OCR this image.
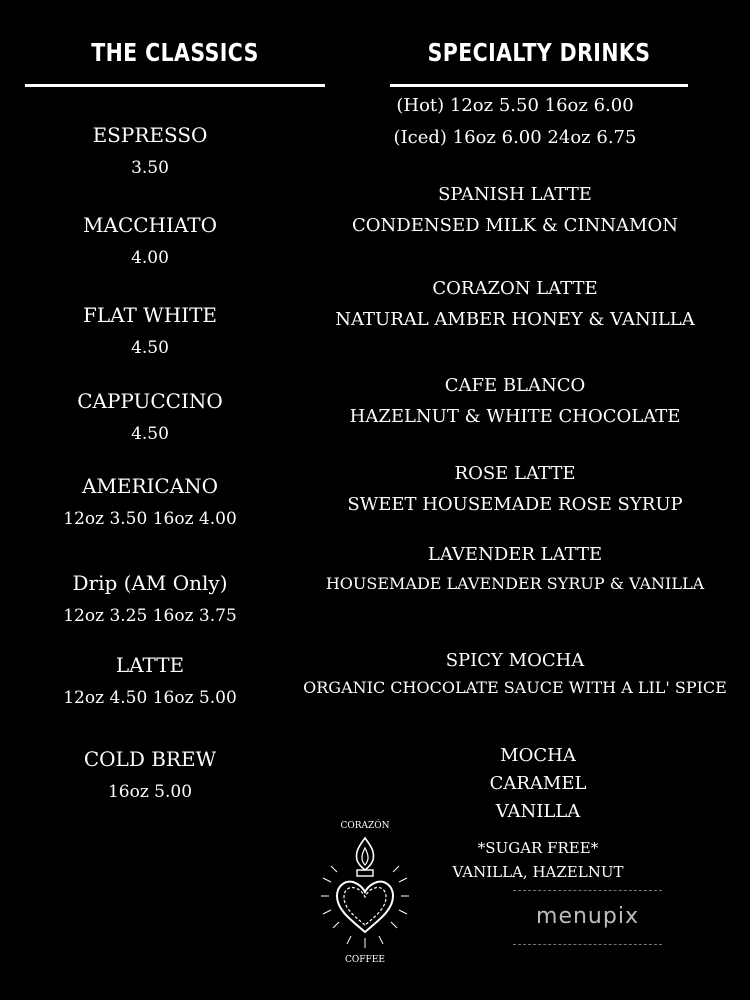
THE CLASSICS	SPECIALTY DRINKS
ESPRESSO
3.50
MACCHIATO
4.00
FLAT WHITE
4.50
CAPPUCCINO
4.50
AMERICANO
12oz 3.50 16oz 4.00
Drip (AM Only)
12oz 3.25 16oz 3.75
LATTE
12oz 4.50 16oz 5.00
COLD BREW
16oz 5.00
(Hot) 12oz 5.50 16oz 6.00
(Iced) 16oz 6.00 24oz 6.75
SPANISH LATTE
CONDENSED MILK & CINNAMON
CORAZON LATTE
NATURAL AMBER HONEY & VANILLA
CAFE BLANCO
HAZELNUT & WHITE CHOCOLATE
ROSE LATTE
SWEET HOUSEMADE ROSE SYRUP
LAVENDER LATTE
HOUSEMADE LAVENDER SYRUP & VANILLA
SPICY MOCHA
ORGANIC CHOCOLATE SAUCE WITH A LIL' SPICE
MOCHA
CARAMEL
VANILLA
*SUGAR FREE*
VANILLA, HAZELNUT
CORAZÓN
COFFEE
menupix
